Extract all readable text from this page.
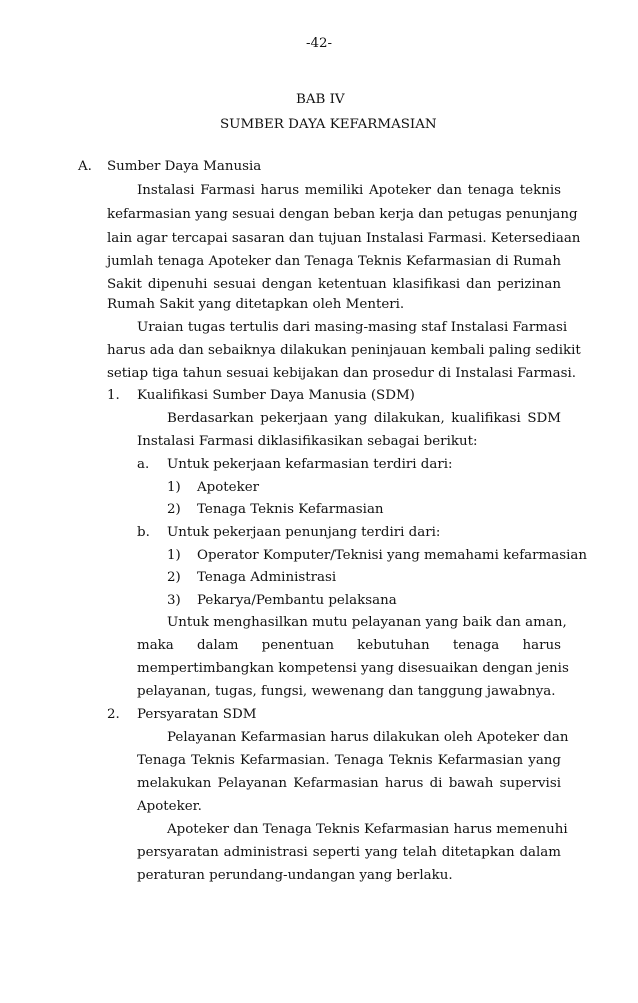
-42-
BAB IV
SUMBER DAYA KEFARMASIAN
A. Sumber Daya Manusia
Instalasi Farmasi harus memiliki Apoteker dan tenaga teknis
kefarmasian yang sesuai dengan beban kerja dan petugas penunjang
lain agar tercapai sasaran dan tujuan Instalasi Farmasi. Ketersediaan
jumlah tenaga Apoteker dan Tenaga Teknis Kefarmasian di Rumah
Sakit dipenuhi sesuai dengan ketentuan klasifikasi dan perizinan
Rumah Sakit yang ditetapkan oleh Menteri.
Uraian tugas tertulis dari masing-masing staf Instalasi Farmasi
harus ada dan sebaiknya dilakukan peninjauan kembali paling sedikit
setiap tiga tahun sesuai kebijakan dan prosedur di Instalasi Farmasi.
1. Kualifikasi Sumber Daya Manusia (SDM)
Berdasarkan pekerjaan yang dilakukan, kualifikasi SDM
Instalasi Farmasi diklasifikasikan sebagai berikut:
a. Untuk pekerjaan kefarmasian terdiri dari:
1) Apoteker
2) Tenaga Teknis Kefarmasian
b. Untuk pekerjaan penunjang terdiri dari:
1) Operator Komputer/Teknisi yang memahami kefarmasian
2) Tenaga Administrasi
3) Pekarya/Pembantu pelaksana
Untuk menghasilkan mutu pelayanan yang baik dan aman,
maka dalam penentuan kebutuhan tenaga harus
mempertimbangkan kompetensi yang disesuaikan dengan jenis
pelayanan, tugas, fungsi, wewenang dan tanggung jawabnya.
2. Persyaratan SDM
Pelayanan Kefarmasian harus dilakukan oleh Apoteker dan
Tenaga Teknis Kefarmasian. Tenaga Teknis Kefarmasian yang
melakukan Pelayanan Kefarmasian harus di bawah supervisi
Apoteker.
Apoteker dan Tenaga Teknis Kefarmasian harus memenuhi
persyaratan administrasi seperti yang telah ditetapkan dalam
peraturan perundang-undangan yang berlaku.
